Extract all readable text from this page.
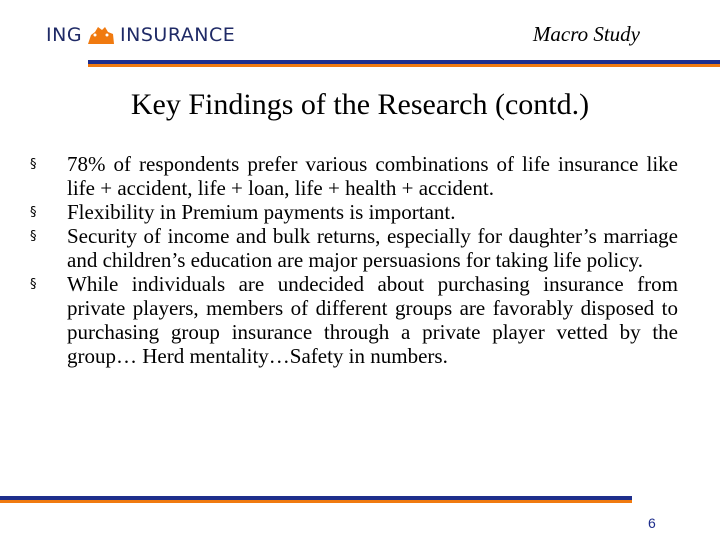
ING INSURANCE	Macro Study
Key Findings of the Research (contd.)
§ 78% of respondents prefer various combinations of life insurance like life + accident, life + loan, life + health + accident.
§ Flexibility in Premium payments is important.
§ Security of income and bulk returns, especially for daughter’s marriage and children’s education are major persuasions for taking life policy.
§ While individuals are undecided about purchasing insurance from private players, members of different groups are favorably disposed to purchasing group insurance through a private player vetted by the group… Herd mentality…Safety in numbers.
6
